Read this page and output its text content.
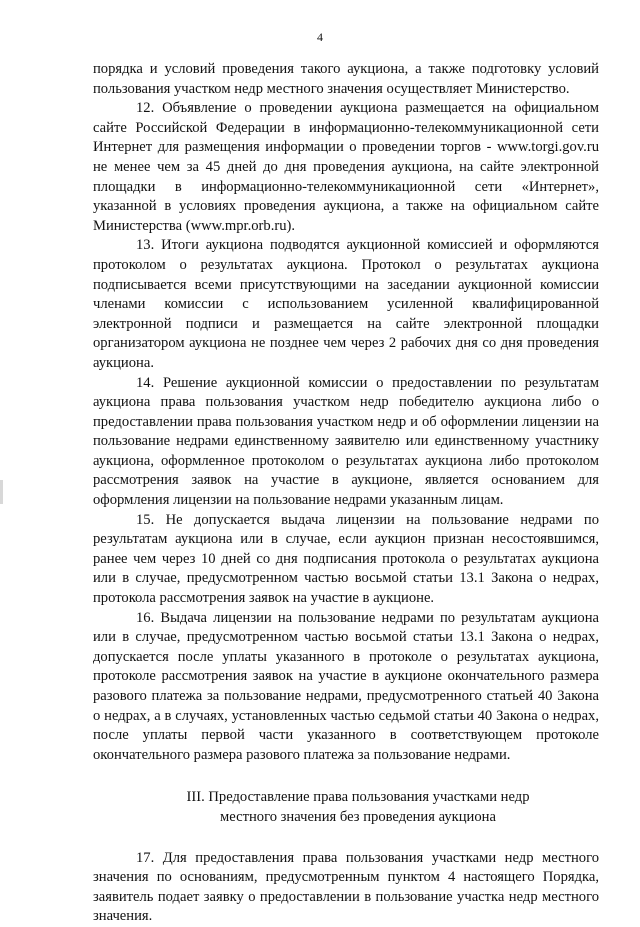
4

порядка и условий проведения такого аукциона, а также подготовку условий пользования участком недр местного значения осуществляет Министерство.

12. Объявление о проведении аукциона размещается на официальном сайте Российской Федерации в информационно-телекоммуникационной сети Интернет для размещения информации о проведении торгов - www.torgi.gov.ru не менее чем за 45 дней до дня проведения аукциона, на сайте электронной площадки в информационно-телекоммуникационной сети «Интернет», указанной в условиях проведения аукциона, а также на официальном сайте Министерства (www.mpr.orb.ru).

13. Итоги аукциона подводятся аукционной комиссией и оформляются протоколом о результатах аукциона. Протокол о результатах аукциона подписывается всеми присутствующими на заседании аукционной комиссии членами комиссии с использованием усиленной квалифицированной электронной подписи и размещается на сайте электронной площадки организатором аукциона не позднее чем через 2 рабочих дня со дня проведения аукциона.

14. Решение аукционной комиссии о предоставлении по результатам аукциона права пользования участком недр победителю аукциона либо о предоставлении права пользования участком недр и об оформлении лицензии на пользование недрами единственному заявителю или единственному участнику аукциона, оформленное протоколом о результатах аукциона либо протоколом рассмотрения заявок на участие в аукционе, является основанием для оформления лицензии на пользование недрами указанным лицам.

15. Не допускается выдача лицензии на пользование недрами по результатам аукциона или в случае, если аукцион признан несостоявшимся, ранее чем через 10 дней со дня подписания протокола о результатах аукциона или в случае, предусмотренном частью восьмой статьи 13.1 Закона о недрах, протокола рассмотрения заявок на участие в аукционе.

16. Выдача лицензии на пользование недрами по результатам аукциона или в случае, предусмотренном частью восьмой статьи 13.1 Закона о недрах, допускается после уплаты указанного в протоколе о результатах аукциона, протоколе рассмотрения заявок на участие в аукционе окончательного размера разового платежа за пользование недрами, предусмотренного статьей 40 Закона о недрах, а в случаях, установленных частью седьмой статьи 40 Закона о недрах, после уплаты первой части указанного в соответствующем протоколе окончательного размера разового платежа за пользование недрами.

III. Предоставление права пользования участками недр
местного значения без проведения аукциона

17. Для предоставления права пользования участками недр местного значения по основаниям, предусмотренным пунктом 4 настоящего Порядка, заявитель подает заявку о предоставлении в пользование участка недр местного значения.
